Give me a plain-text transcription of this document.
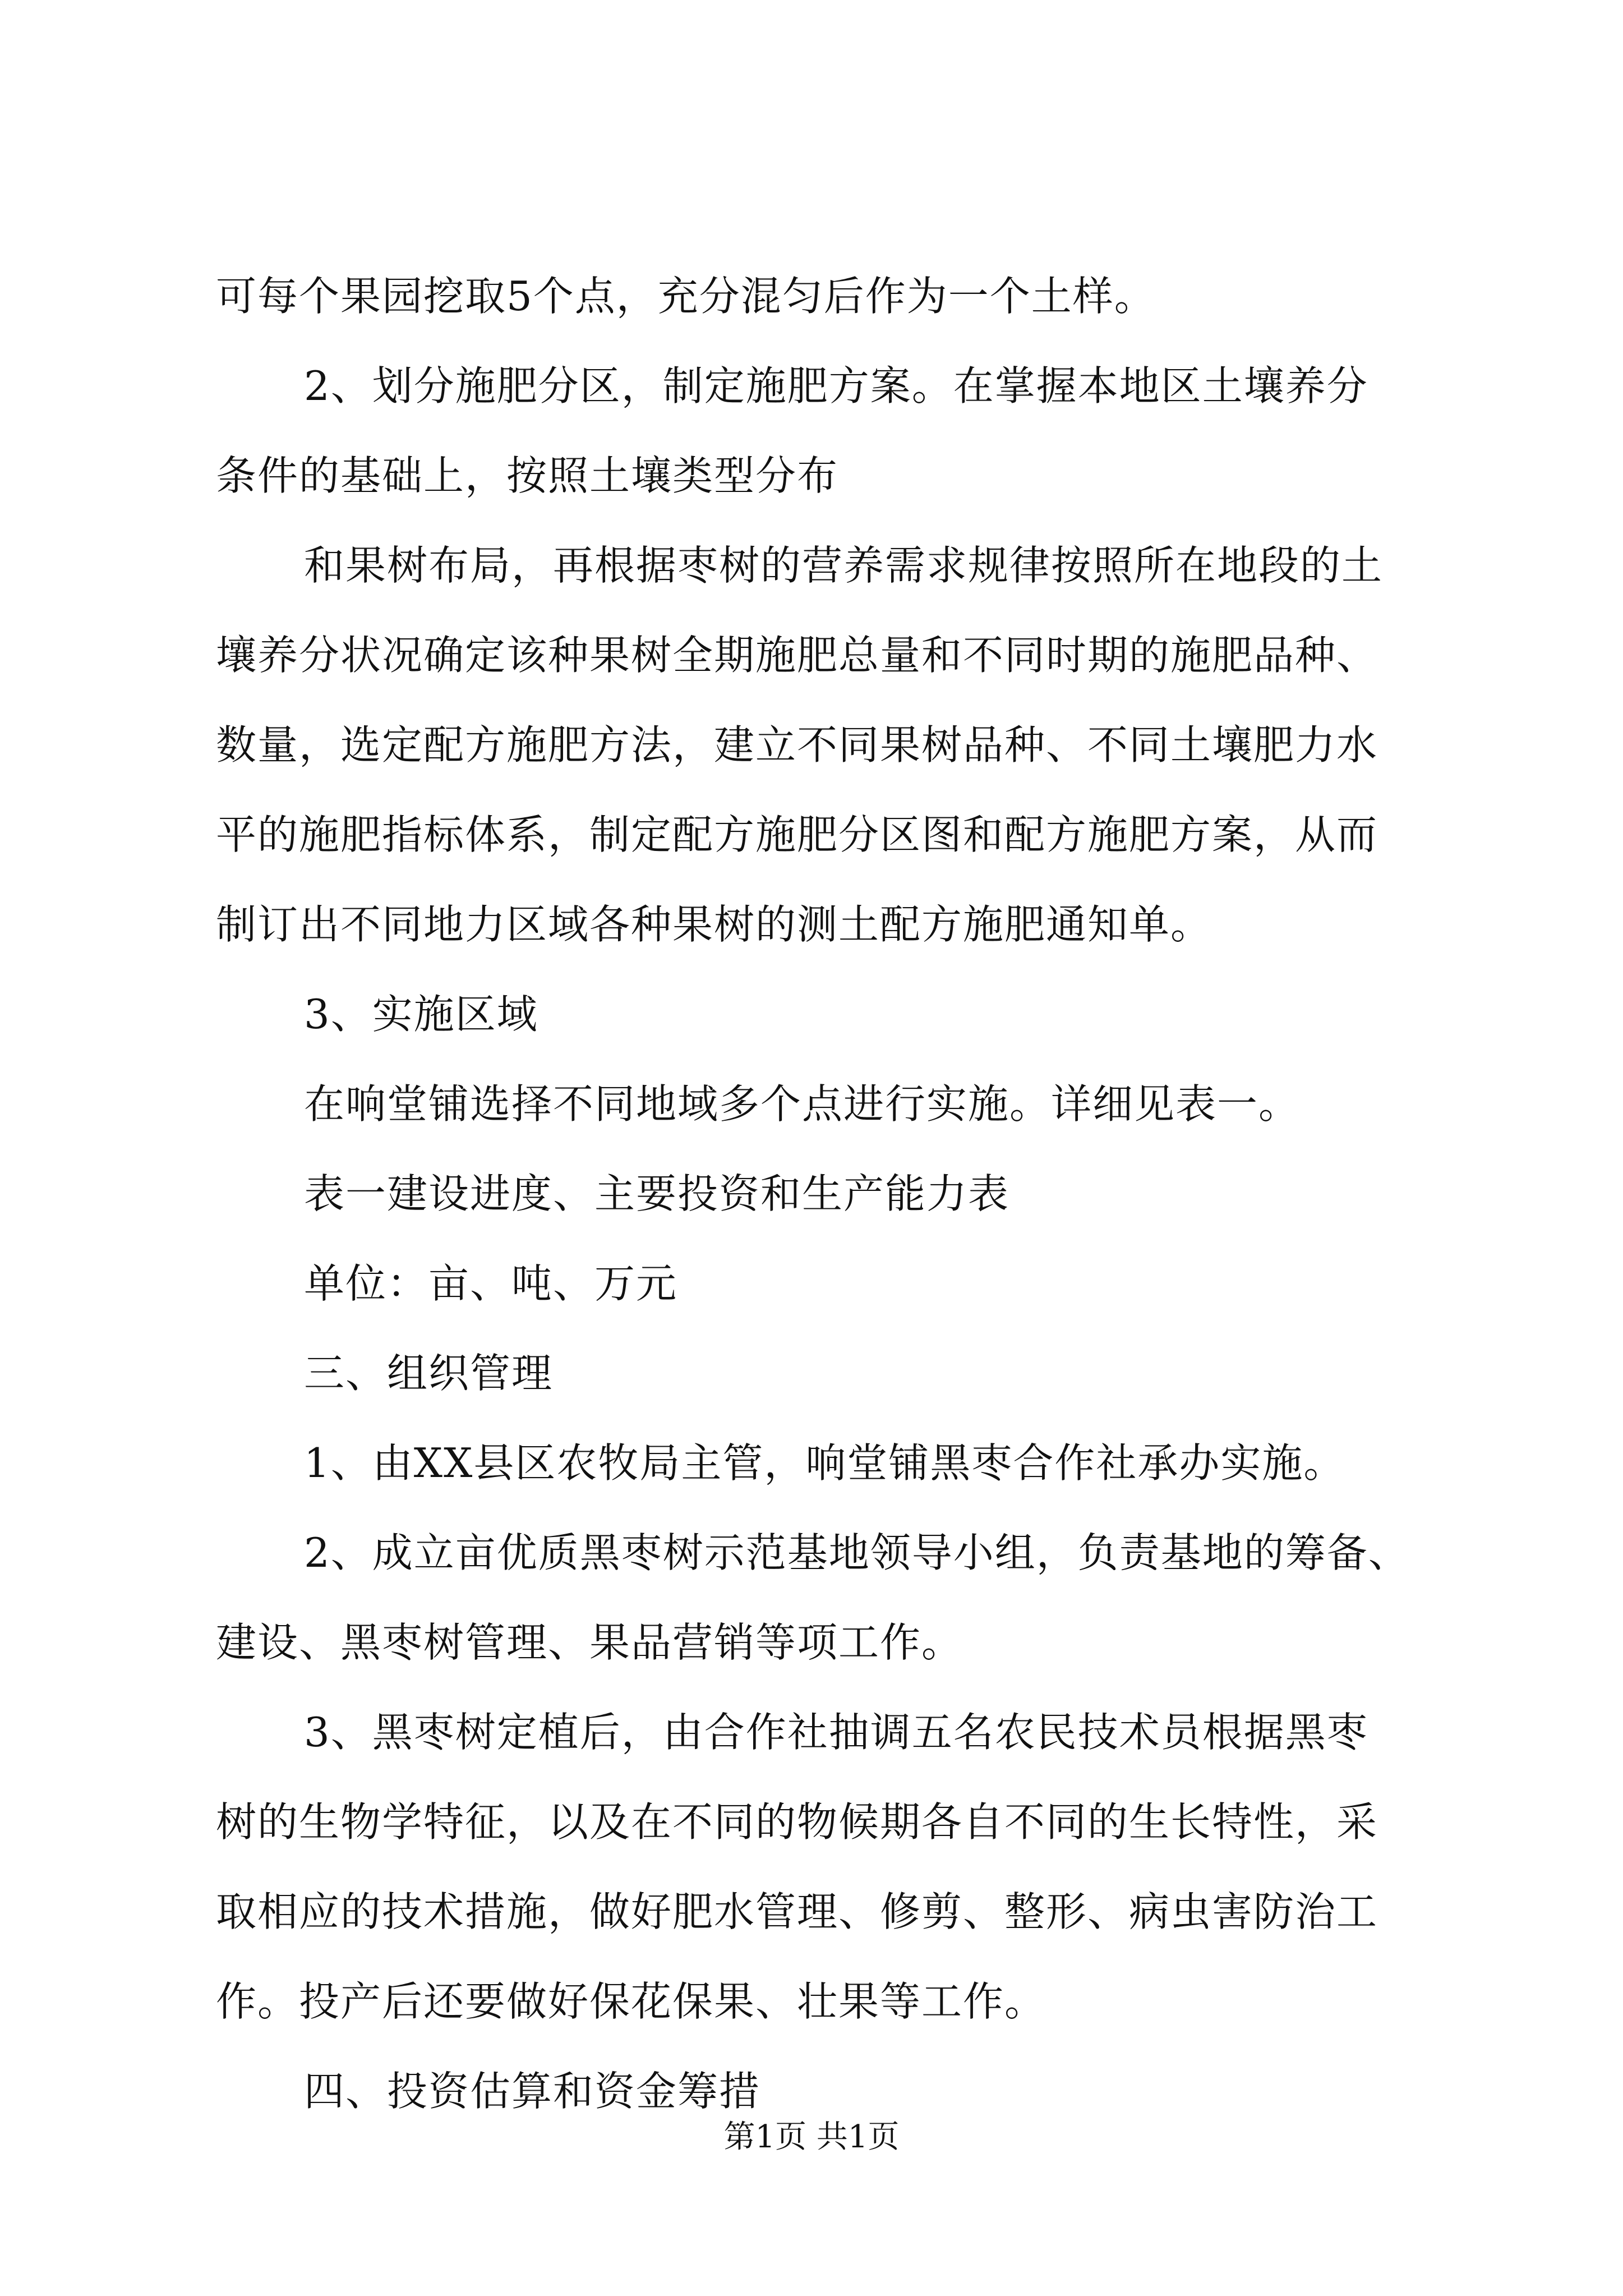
可每个果园挖取5个点，充分混匀后作为一个土样。
2、划分施肥分区，制定施肥方案。在掌握本地区土壤养分
条件的基础上，按照土壤类型分布
和果树布局，再根据枣树的营养需求规律按照所在地段的土
壤养分状况确定该种果树全期施肥总量和不同时期的施肥品种、
数量，选定配方施肥方法，建立不同果树品种、不同土壤肥力水
平的施肥指标体系，制定配方施肥分区图和配方施肥方案，从而
制订出不同地力区域各种果树的测土配方施肥通知单。
3、实施区域
在响堂铺选择不同地域多个点进行实施。详细见表一。
表一建设进度、主要投资和生产能力表
单位：亩、吨、万元
三、组织管理
1、由XX县区农牧局主管，响堂铺黑枣合作社承办实施。
2、成立亩优质黑枣树示范基地领导小组，负责基地的筹备、
建设、黑枣树管理、果品营销等项工作。
3、黑枣树定植后，由合作社抽调五名农民技术员根据黑枣
树的生物学特征，以及在不同的物候期各自不同的生长特性，采
取相应的技术措施，做好肥水管理、修剪、整形、病虫害防治工
作。投产后还要做好保花保果、壮果等工作。
四、投资估算和资金筹措
第1页 共1页
